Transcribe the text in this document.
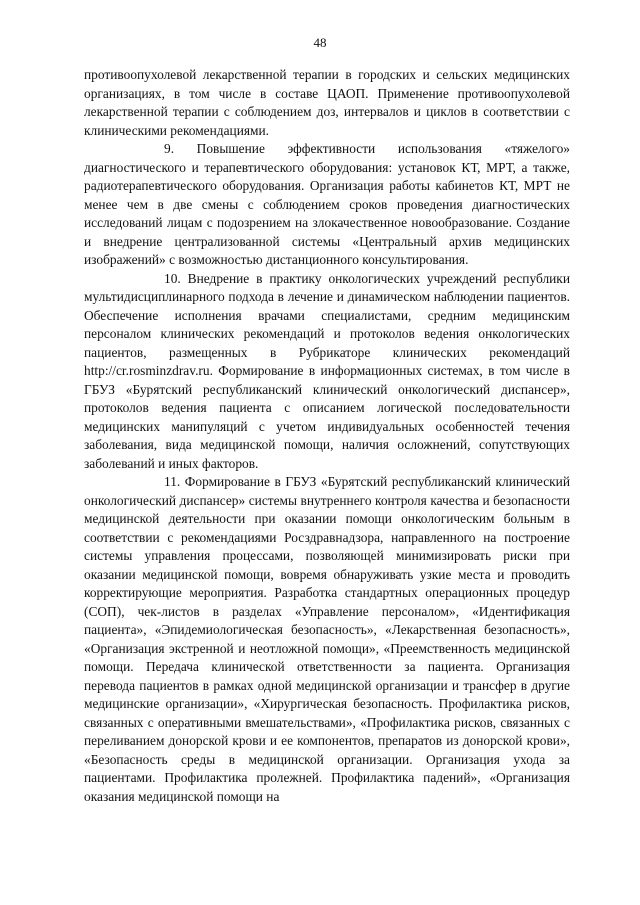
48

противоопухолевой лекарственной терапии в городских и сельских медицинских организациях, в том числе в составе ЦАОП. Применение противоопухолевой лекарственной терапии с соблюдением доз, интервалов и циклов в соответствии с клиническими рекомендациями.

9. Повышение эффективности использования «тяжелого» диагностического и терапевтического оборудования: установок КТ, МРТ, а также, радиотерапевтического оборудования. Организация работы кабинетов КТ, МРТ не менее чем в две смены с соблюдением сроков проведения диагностических исследований лицам с подозрением на злокачественное новообразование. Создание и внедрение централизованной системы «Центральный архив медицинских изображений» с возможностью дистанционного консультирования.

10. Внедрение в практику онкологических учреждений республики мультидисциплинарного подхода в лечение и динамическом наблюдении пациентов. Обеспечение исполнения врачами специалистами, средним медицинским персоналом клинических рекомендаций и протоколов ведения онкологических пациентов, размещенных в Рубрикаторе клинических рекомендаций http://cr.rosminzdrav.ru. Формирование в информационных системах, в том числе в ГБУЗ «Бурятский республиканский клинический онкологический диспансер», протоколов ведения пациента с описанием логической последовательности медицинских манипуляций с учетом индивидуальных особенностей течения заболевания, вида медицинской помощи, наличия осложнений, сопутствующих заболеваний и иных факторов.

11. Формирование в ГБУЗ «Бурятский республиканский клинический онкологический диспансер» системы внутреннего контроля качества и безопасности медицинской деятельности при оказании помощи онкологическим больным в соответствии с рекомендациями Росздравнадзора, направленного на построение системы управления процессами, позволяющей минимизировать риски при оказании медицинской помощи, вовремя обнаруживать узкие места и проводить корректирующие мероприятия. Разработка стандартных операционных процедур (СОП), чек-листов в разделах «Управление персоналом», «Идентификация пациента», «Эпидемиологическая безопасность», «Лекарственная безопасность», «Организация экстренной и неотложной помощи», «Преемственность медицинской помощи. Передача клинической ответственности за пациента. Организация перевода пациентов в рамках одной медицинской организации и трансфер в другие медицинские организации», «Хирургическая безопасность. Профилактика рисков, связанных с оперативными вмешательствами», «Профилактика рисков, связанных с переливанием донорской крови и ее компонентов, препаратов из донорской крови», «Безопасность среды в медицинской организации. Организация ухода за пациентами. Профилактика пролежней. Профилактика падений», «Организация оказания медицинской помощи на
